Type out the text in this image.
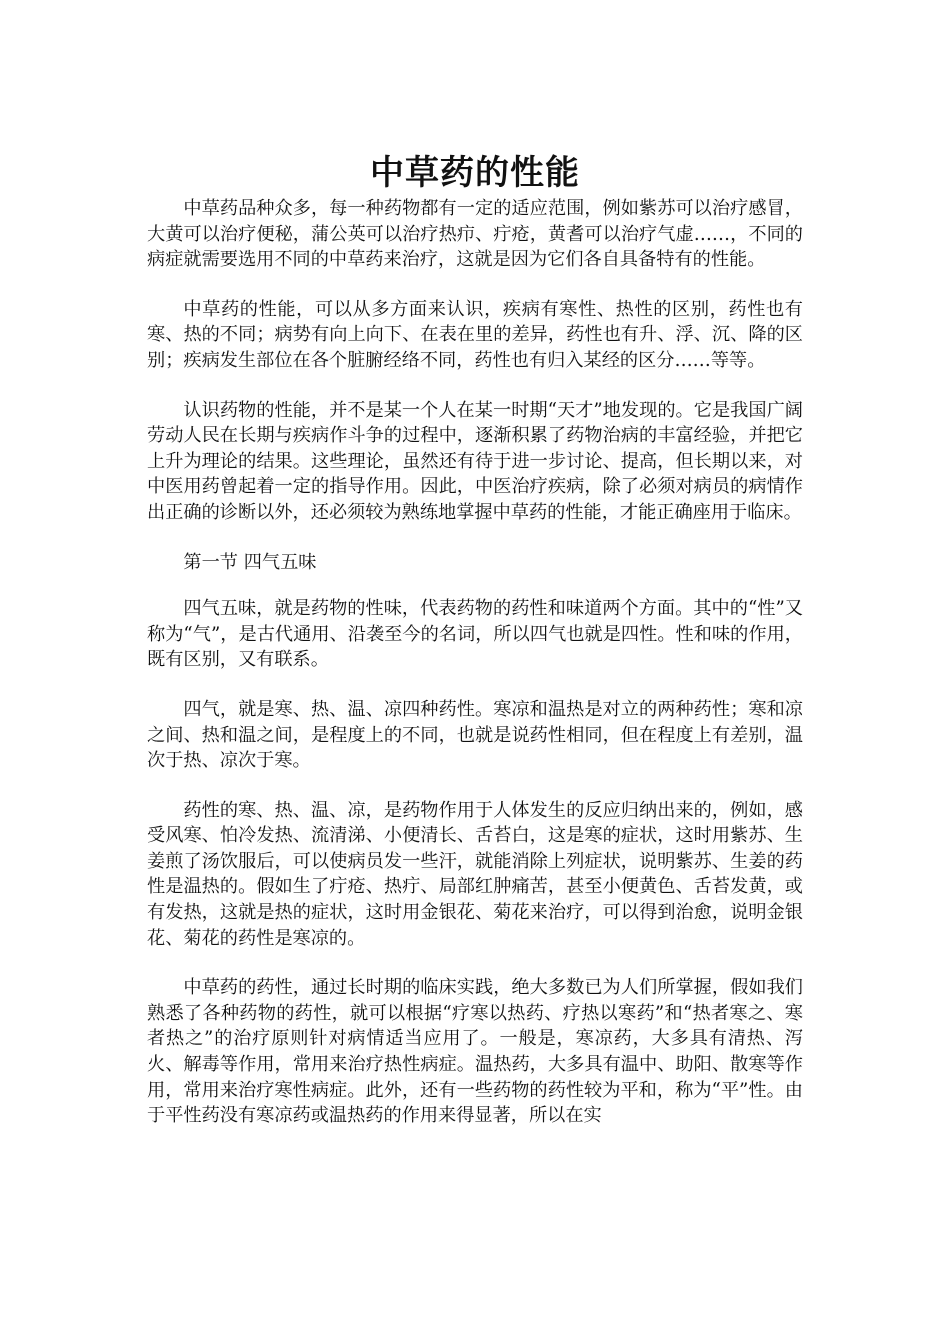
中草药的性能

中草药品种众多，每一种药物都有一定的适应范围，例如紫苏可以治疗感冒，大黄可以治疗便秘，蒲公英可以治疗热疖、疔疮，黄耆可以治疗气虚……，不同的病症就需要选用不同的中草药来治疗，这就是因为它们各自具备特有的性能。

中草药的性能，可以从多方面来认识，疾病有寒性、热性的区别，药性也有寒、热的不同；病势有向上向下、在表在里的差异，药性也有升、浮、沉、降的区别；疾病发生部位在各个脏腑经络不同，药性也有归入某经的区分……等等。

认识药物的性能，并不是某一个人在某一时期“天才”地发现的。它是我国广阔劳动人民在长期与疾病作斗争的过程中，逐渐积累了药物治病的丰富经验，并把它上升为理论的结果。这些理论，虽然还有待于进一步讨论、提高，但长期以来，对中医用药曾起着一定的指导作用。因此，中医治疗疾病，除了必须对病员的病情作出正确的诊断以外，还必须较为熟练地掌握中草药的性能，才能正确座用于临床。

第一节 四气五味

四气五味，就是药物的性味，代表药物的药性和味道两个方面。其中的“性”又称为“气”，是古代通用、沿袭至今的名词，所以四气也就是四性。性和味的作用，既有区别，又有联系。

四气，就是寒、热、温、凉四种药性。寒凉和温热是对立的两种药性；寒和凉之间、热和温之间，是程度上的不同，也就是说药性相同，但在程度上有差别，温次于热、凉次于寒。

药性的寒、热、温、凉，是药物作用于人体发生的反应归纳出来的，例如，感受风寒、怕冷发热、流清涕、小便清长、舌苔白，这是寒的症状，这时用紫苏、生姜煎了汤饮服后，可以使病员发一些汗，就能消除上列症状，说明紫苏、生姜的药性是温热的。假如生了疔疮、热疔、局部红肿痛苦，甚至小便黄色、舌苔发黄，或有发热，这就是热的症状，这时用金银花、菊花来治疗，可以得到治愈，说明金银花、菊花的药性是寒凉的。

中草药的药性，通过长时期的临床实践，绝大多数已为人们所掌握，假如我们熟悉了各种药物的药性，就可以根据“疗寒以热药、疗热以寒药”和“热者寒之、寒者热之”的治疗原则针对病情适当应用了。一般是，寒凉药，大多具有清热、泻火、解毒等作用，常用来治疗热性病症。温热药，大多具有温中、助阳、散寒等作用，常用来治疗寒性病症。此外，还有一些药物的药性较为平和，称为“平”性。由于平性药没有寒凉药或温热药的作用来得显著，所以在实
